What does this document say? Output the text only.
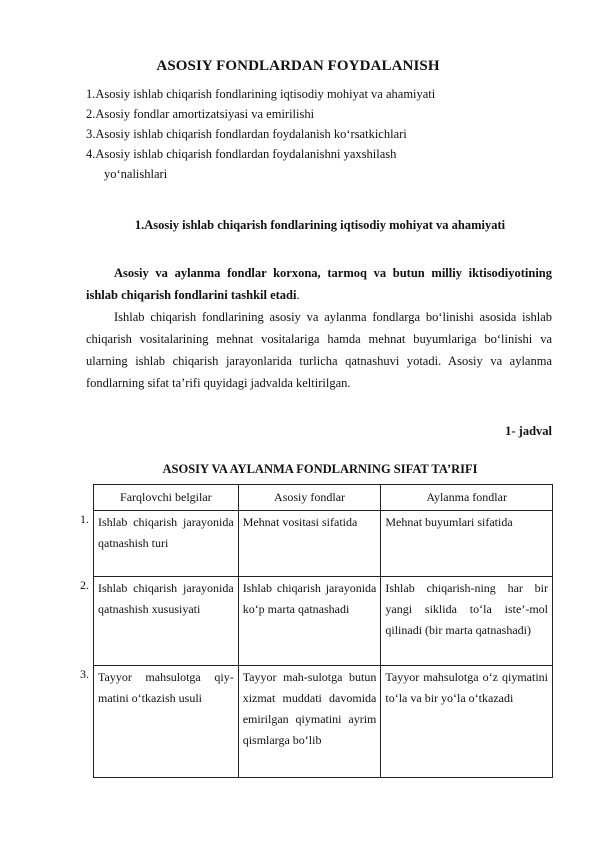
ASOSIY FONDLARDAN FOYDALANISH
1.Asosiy ishlab chiqarish fondlarining iqtisodiy mohiyat va ahamiyati
2.Asosiy fondlar amortizatsiyasi va emirilishi
3.Asosiy ishlab chiqarish fondlardan foydalanish ko‘rsatkichlari
4.Asosiy ishlab chiqarish fondlardan foydalanishni yaxshilash
yo‘nalishlari
1.Asosiy ishlab chiqarish fondlarining iqtisodiy mohiyat va ahamiyati
Asosiy va aylanma fondlar korxona, tarmoq va butun milliy iktisodiyotining ishlab chiqarish fondlarini tashkil etadi.
Ishlab chiqarish fondlarining asosiy va aylanma fondlarga bo‘linishi asosida ishlab chiqarish vositalarining mehnat vositalariga hamda mehnat buyumlariga bo‘linishi va ularning ishlab chiqarish jarayonlarida turlicha qatnashuvi yotadi. Asosiy va aylanma fondlarning sifat ta’rifi quyidagi jadvalda keltirilgan.
1- jadval
ASOSIY VA AYLANMA FONDLARNING SIFAT TA’RIFI
1.
2.
3.
Farqlovchi belgilar	Asosiy fondlar	Aylanma fondlar
Ishlab chiqarish jarayonida qatnashish turi	Mehnat vositasi sifatida	Mehnat buyumlari sifatida
Ishlab chiqarish jarayonida qatnashish xususiyati	Ishlab chiqarish jarayonida ko‘p marta qatnashadi	Ishlab chiqarish-ning har bir yangi siklida to‘la iste’-mol qilinadi (bir marta qatnashadi)
Tayyor mahsulotga qiy-matini o‘tkazish usuli	Tayyor mah-sulotga butun xizmat muddati davomida emirilgan qiymatini ayrim qismlarga bo‘lib	Tayyor mahsulotga o‘z qiymatini to‘la va bir yo‘la o‘tkazadi
